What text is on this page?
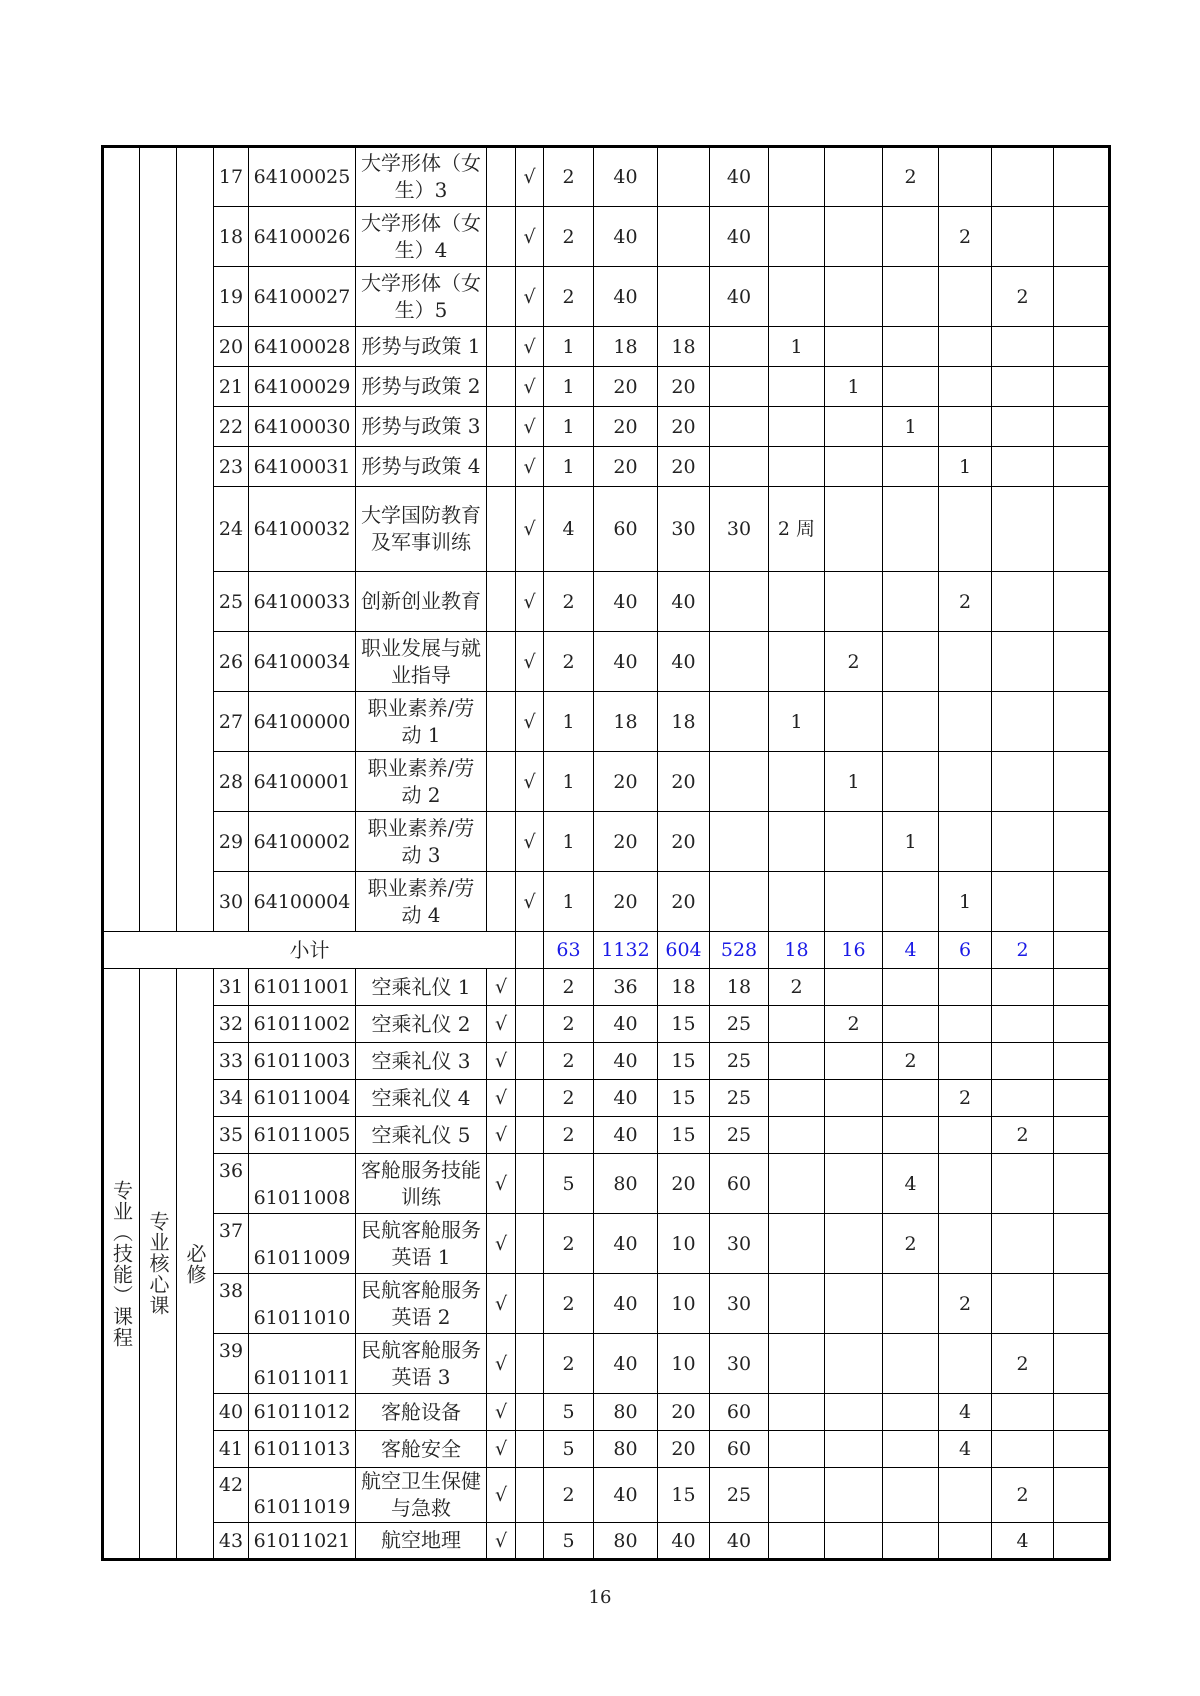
			17	64100025	大学形体（女生）3		√	2	40		40			2			
			18	64100026	大学形体（女生）4		√	2	40		40				2		
			19	64100027	大学形体（女生）5		√	2	40		40					2	
			20	64100028	形势与政策 1		√	1	18	18		1					
			21	64100029	形势与政策 2		√	1	20	20			1				
			22	64100030	形势与政策 3		√	1	20	20				1			
			23	64100031	形势与政策 4		√	1	20	20					1		
			24	64100032	大学国防教育及军事训练		√	4	60	30	30	2 周					
			25	64100033	创新创业教育		√	2	40	40					2		
			26	64100034	职业发展与就业指导		√	2	40	40			2				
			27	64100000	职业素养/劳动 1		√	1	18	18		1					
			28	64100001	职业素养/劳动 2		√	1	20	20			1				
			29	64100002	职业素养/劳动 3		√	1	20	20				1			
			30	64100004	职业素养/劳动 4		√	1	20	20					1		
小计								63	1132	604	528	18	16	4	6	2	
专业（技能）课程	专业核心课	必修	31	61011001	空乘礼仪 1	√		2	36	18	18	2					
			32	61011002	空乘礼仪 2	√		2	40	15	25		2				
			33	61011003	空乘礼仪 3	√		2	40	15	25			2			
			34	61011004	空乘礼仪 4	√		2	40	15	25				2		
			35	61011005	空乘礼仪 5	√		2	40	15	25					2	
			36	61011008	客舱服务技能训练	√		5	80	20	60			4			
			37	61011009	民航客舱服务英语 1	√		2	40	10	30			2			
			38	61011010	民航客舱服务英语 2	√		2	40	10	30				2		
			39	61011011	民航客舱服务英语 3	√		2	40	10	30					2	
			40	61011012	客舱设备	√		5	80	20	60				4		
			41	61011013	客舱安全	√		5	80	20	60				4		
			42	61011019	航空卫生保健与急救	√		2	40	15	25					2	
			43	61011021	航空地理	√		5	80	40	40					4	
16
